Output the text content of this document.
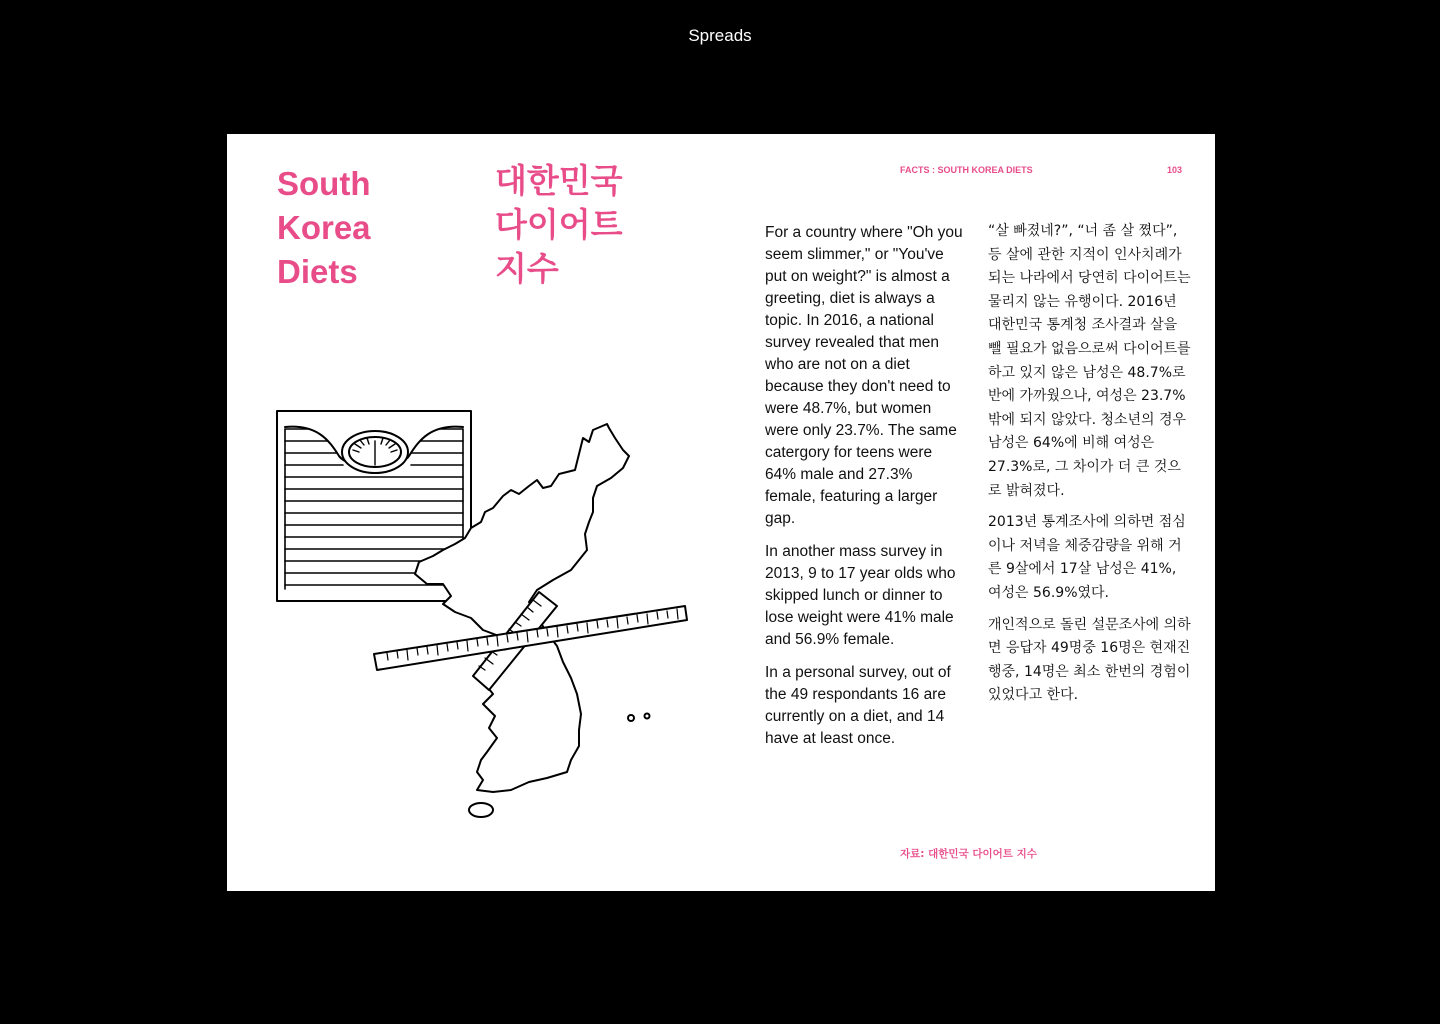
Spreads
South
Korea
Diets
대한민국
다이어트
지수
FACTS : SOUTH KOREA DIETS	103

For a country where "Oh you seem slimmer," or "You've put on weight?" is almost a greeting, diet is always a topic. In 2016, a national survey revealed that men who are not on a diet because they don't need to were 48.7%, but women were only 23.7%. The same catergory for teens were 64% male and 27.3% female, featuring a larger gap.

In another mass survey in 2013, 9 to 17 year olds who skipped lunch or dinner to lose weight were 41% male and 56.9% female.

In a personal survey, out of the 49 respondants 16 are currently on a diet, and 14 have at least once.

“살 빠졌네?”, “너 좀 살 쪘다”, 등 살에 관한 지적이 인사치례가 되는 나라에서 당연히 다이어트는 물리지 않는 유행이다. 2016년 대한민국 통계청 조사결과 살을 뺄 필요가 없음으로써 다이어트를 하고 있지 않은 남성은 48.7%로 반에 가까웠으나, 여성은 23.7%밖에 되지 않았다. 청소년의 경우 남성은 64%에 비해 여성은 27.3%로, 그 차이가 더 큰 것으로 밝혀졌다.

2013년 통계조사에 의하면 점심이나 저녁을 체중감량을 위해 거른 9살에서 17살 남성은 41%, 여성은 56.9%였다.

개인적으로 돌린 설문조사에 의하면 응답자 49명중 16명은 현재진행중, 14명은 최소 한번의 경험이 있었다고 한다.

자료: 대한민국 다이어트 지수
